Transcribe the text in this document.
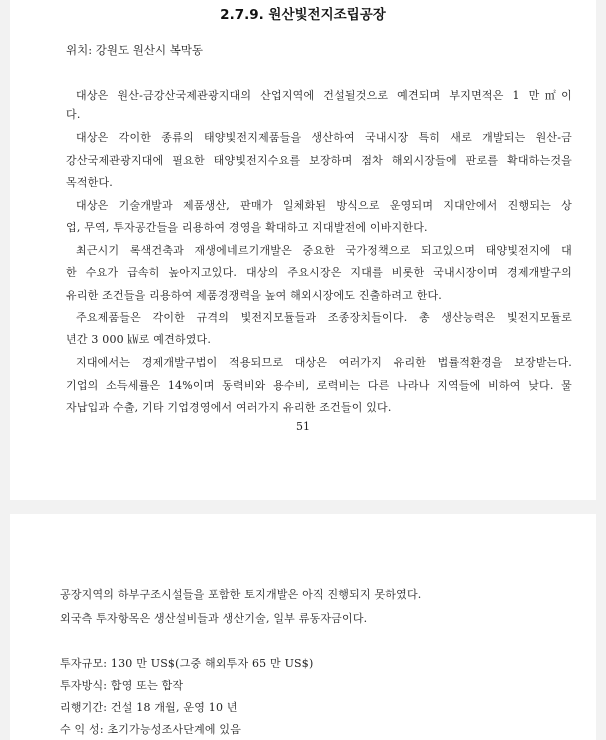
2.7.9. 원산빛전지조립공장
위치: 강원도 원산시 복막동
대상은 원산-금강산국제관광지대의 산업지역에 건설될것으로 예견되며 부지면적은 1 만㎡이
다.
대상은 각이한 종류의 태양빛전지제품들을 생산하여 국내시장 특히 새로 개발되는 원산-금
강산국제관광지대에 필요한 태양빛전지수요를 보장하며 점차 해외시장들에 판로를 확대하는것을
목적한다.
대상은 기술개발과 제품생산, 판매가 일체화된 방식으로 운영되며 지대안에서 진행되는 상
업, 무역, 투자공간들을 리용하여 경영을 확대하고 지대발전에 이바지한다.
최근시기 록색건축과 재생에네르기개발은 중요한 국가정책으로 되고있으며 태양빛전지에 대
한 수요가 급속히 높아지고있다. 대상의 주요시장은 지대를 비롯한 국내시장이며 경제개발구의
유리한 조건들을 리용하여 제품경쟁력을 높여 해외시장에도 진출하려고 한다.
주요제품들은 각이한 규격의 빛전지모듈들과 조종장치들이다. 총 생산능력은 빛전지모듈로
년간 3 000 ㎾로 예견하였다.
지대에서는 경제개발구법이 적용되므로 대상은 여러가지 유리한 법률적환경을 보장받는다.
기업의 소득세률은 14%이며 동력비와 용수비, 로력비는 다른 나라나 지역들에 비하여 낮다. 물
자납입과 수출, 기타 기업경영에서 여러가지 유리한 조건들이 있다.
51
공장지역의 하부구조시설들을 포함한 토지개발은 아직 진행되지 못하였다.
외국측 투자항목은 생산설비들과 생산기술, 일부 류동자금이다.
투자규모: 130 만 US$(그중 해외투자 65 만 US$)
투자방식: 합영 또는 합작
리행기간: 건설 18 개월, 운영 10 년
수 익 성: 초기가능성조사단계에 있음
